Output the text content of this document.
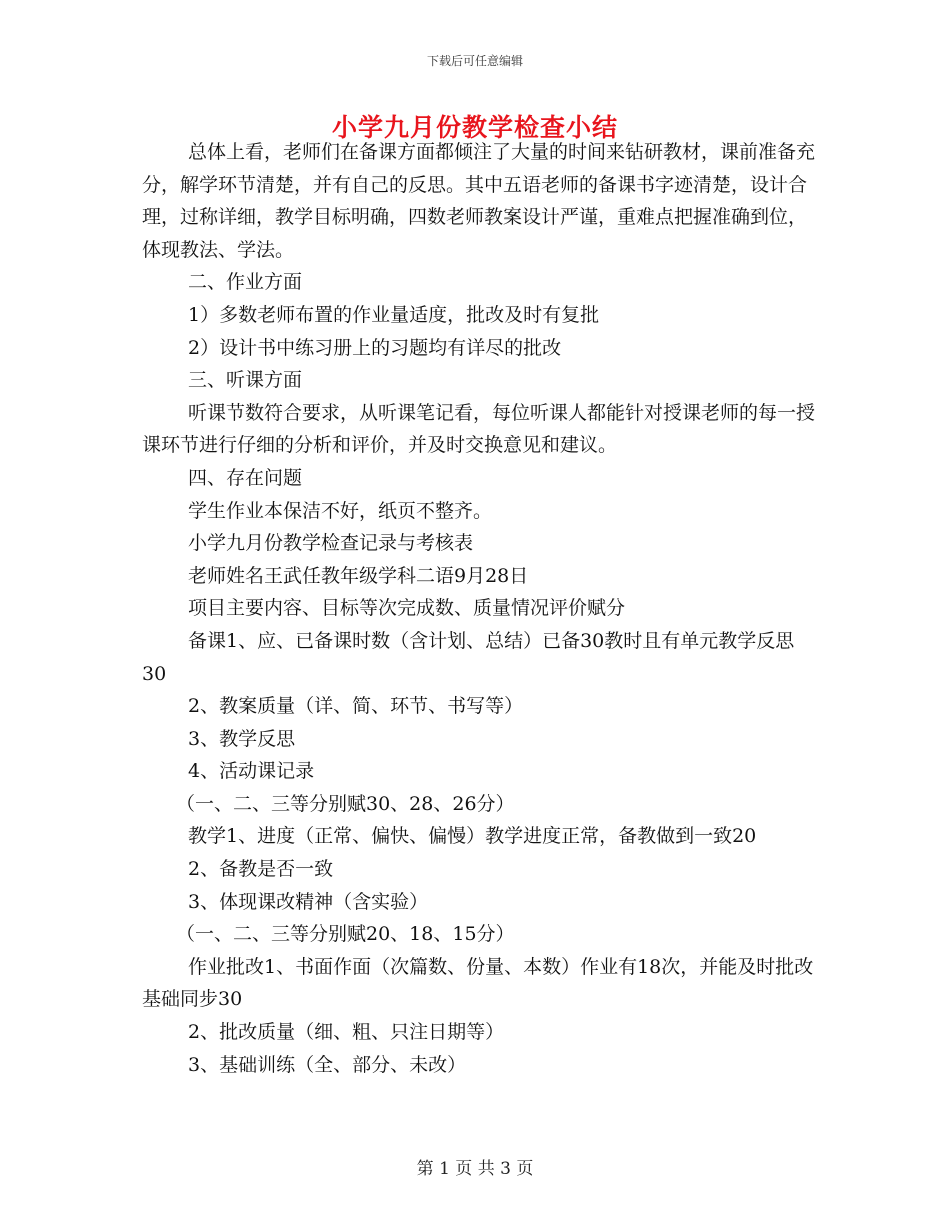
下载后可任意编辑
小学九月份教学检查小结

总体上看，老师们在备课方面都倾注了大量的时间来钻研教材，课前准备充分，解学环节清楚，并有自己的反思。其中五语老师的备课书字迹清楚，设计合理，过称详细，教学目标明确，四数老师教案设计严谨，重难点把握准确到位，体现教法、学法。

二、作业方面

1）多数老师布置的作业量适度，批改及时有复批

2）设计书中练习册上的习题均有详尽的批改

三、听课方面

听课节数符合要求，从听课笔记看，每位听课人都能针对授课老师的每一授课环节进行仔细的分析和评价，并及时交换意见和建议。

四、存在问题

学生作业本保洁不好，纸页不整齐。

小学九月份教学检查记录与考核表

老师姓名王武任教年级学科二语9月28日

项目主要内容、目标等次完成数、质量情况评价赋分

备课1、应、已备课时数（含计划、总结）已备30教时且有单元教学反思30

2、教案质量（详、简、环节、书写等）

3、教学反思

4、活动课记录

（一、二、三等分别赋30、28、26分）

教学1、进度（正常、偏快、偏慢）教学进度正常，备教做到一致20

2、备教是否一致

3、体现课改精神（含实验）

（一、二、三等分别赋20、18、15分）

作业批改1、书面作面（次篇数、份量、本数）作业有18次，并能及时批改基础同步30

2、批改质量（细、粗、只注日期等）

3、基础训练（全、部分、未改）

第 1 页 共 3 页
